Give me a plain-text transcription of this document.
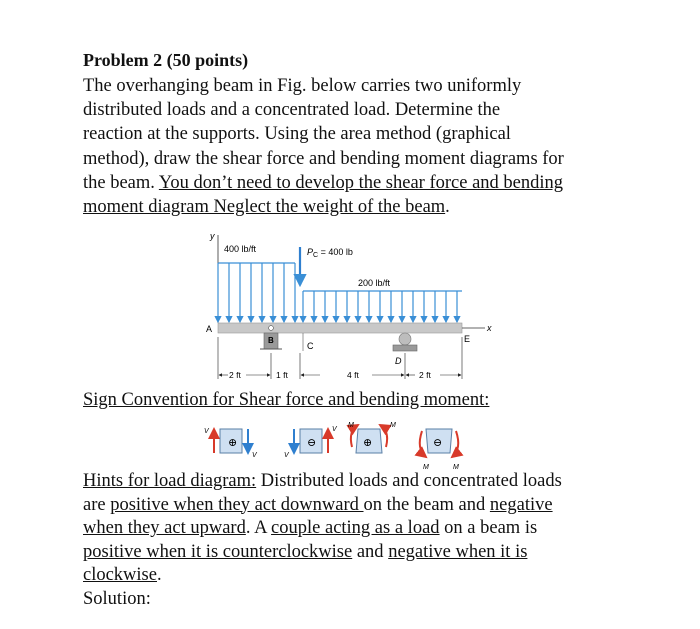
Problem 2 (50 points)
The overhanging beam in Fig. below carries two uniformly
distributed loads and a concentrated load. Determine the
reaction at the supports. Using the area method (graphical
method), draw the shear force and bending moment diagrams for
the beam. You don’t need to develop the shear force and bending
moment diagram Neglect the weight of the beam.
y
400 lb/ft	$P_C = 400$ lb
200 lb/ft
x
A
E
B
C
D
2 ft	1 ft	4 ft	2 ft
Sign Convention for Shear force and bending moment:
⊕
V
V
⊖
V
V
⊕
M	M
⊖
M	M
Hints for load diagram: Distributed loads and concentrated loads
are positive when they act downward on the beam and negative
when they act upward. A couple acting as a load on a beam is
positive when it is counterclockwise and negative when it is
clockwise.
Solution:
